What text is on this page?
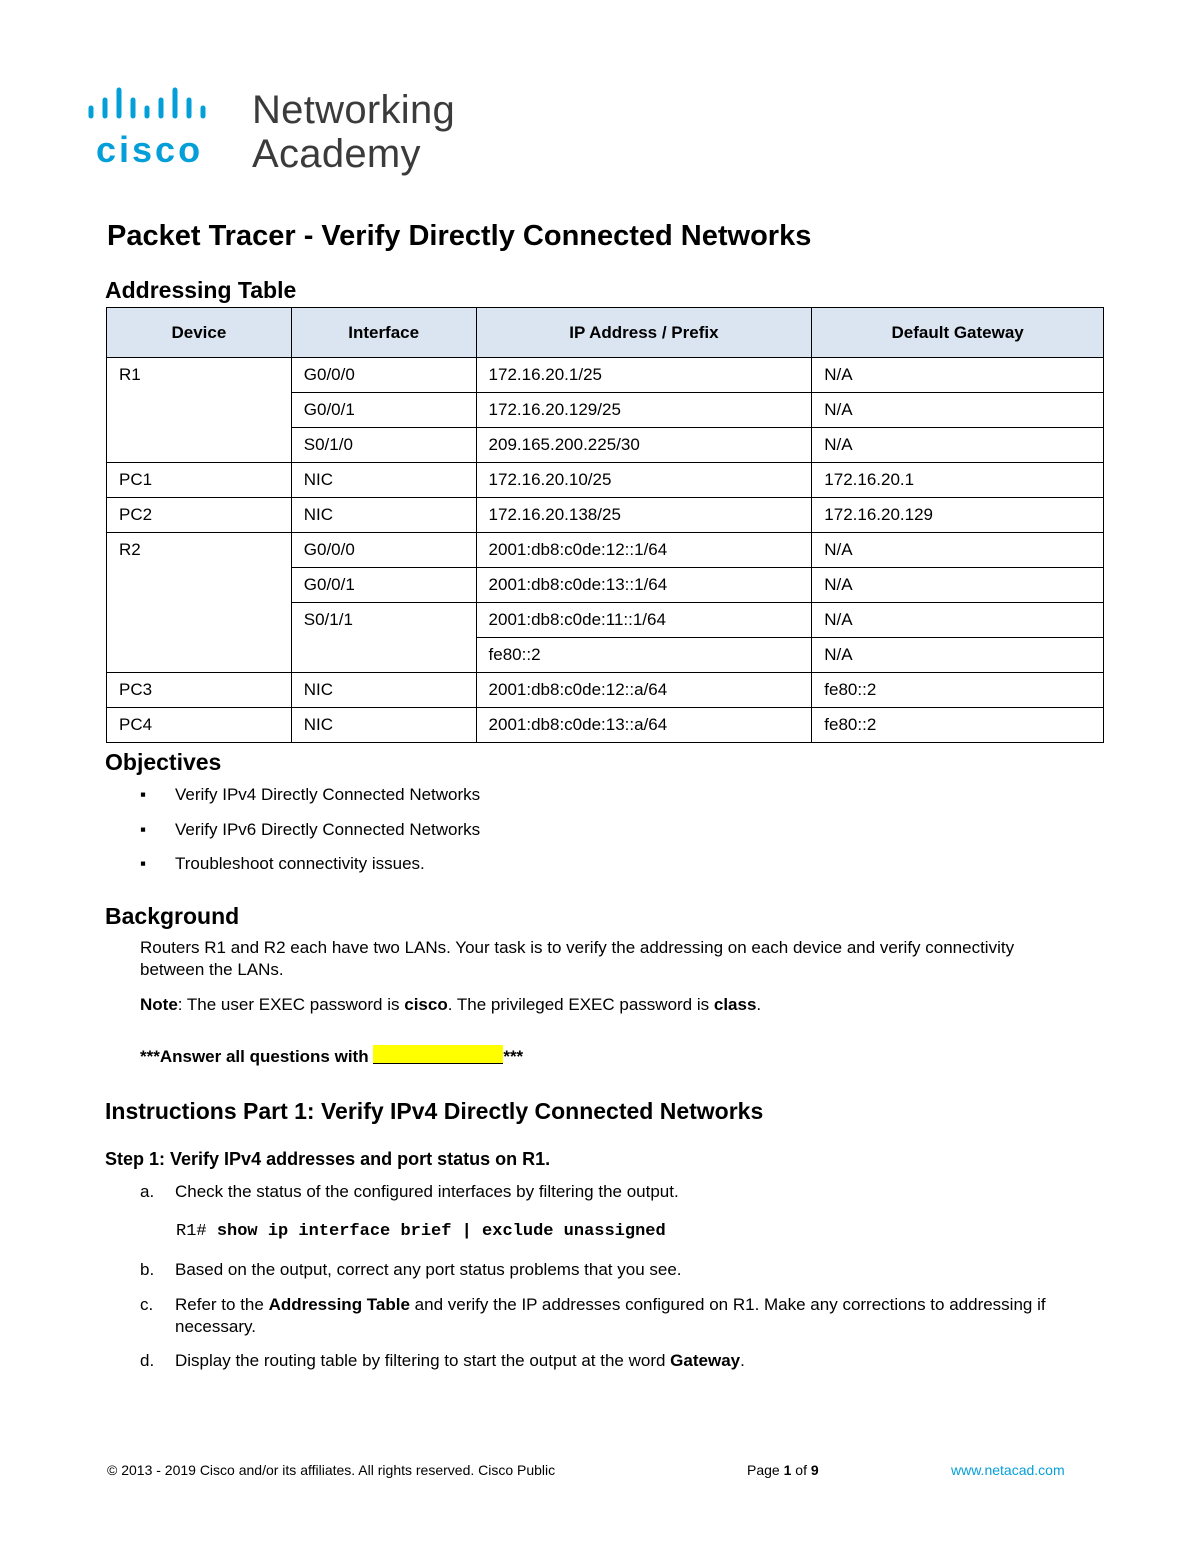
cisco
Networking
Academy
Packet Tracer - Verify Directly Connected Networks
Addressing Table
Device	Interface	IP Address / Prefix	Default Gateway
R1	G0/0/0	172.16.20.1/25	N/A
	G0/0/1	172.16.20.129/25	N/A
	S0/1/0	209.165.200.225/30	N/A
PC1	NIC	172.16.20.10/25	172.16.20.1
PC2	NIC	172.16.20.138/25	172.16.20.129
R2	G0/0/0	2001:db8:c0de:12::1/64	N/A
	G0/0/1	2001:db8:c0de:13::1/64	N/A
	S0/1/1	2001:db8:c0de:11::1/64	N/A
		fe80::2	N/A
PC3	NIC	2001:db8:c0de:12::a/64	fe80::2
PC4	NIC	2001:db8:c0de:13::a/64	fe80::2
Objectives
▪ Verify IPv4 Directly Connected Networks
▪ Verify IPv6 Directly Connected Networks
▪ Troubleshoot connectivity issues.
Background

Routers R1 and R2 each have two LANs. Your task is to verify the addressing on each device and verify connectivity between the LANs.

Note: The user EXEC password is cisco. The privileged EXEC password is class.

***Answer all questions with	***

Instructions Part 1: Verify IPv4 Directly Connected Networks
Step 1: Verify IPv4 addresses and port status on R1.
a. Check the status of the configured interfaces by filtering the output.
R1# show ip interface brief | exclude unassigned
b. Based on the output, correct any port status problems that you see.
c. Refer to the Addressing Table and verify the IP addresses configured on R1. Make any corrections to addressing if necessary.
d. Display the routing table by filtering to start the output at the word Gateway.
© 2013 - 2019 Cisco and/or its affiliates. All rights reserved. Cisco Public	Page 1 of 9	www.netacad.com
